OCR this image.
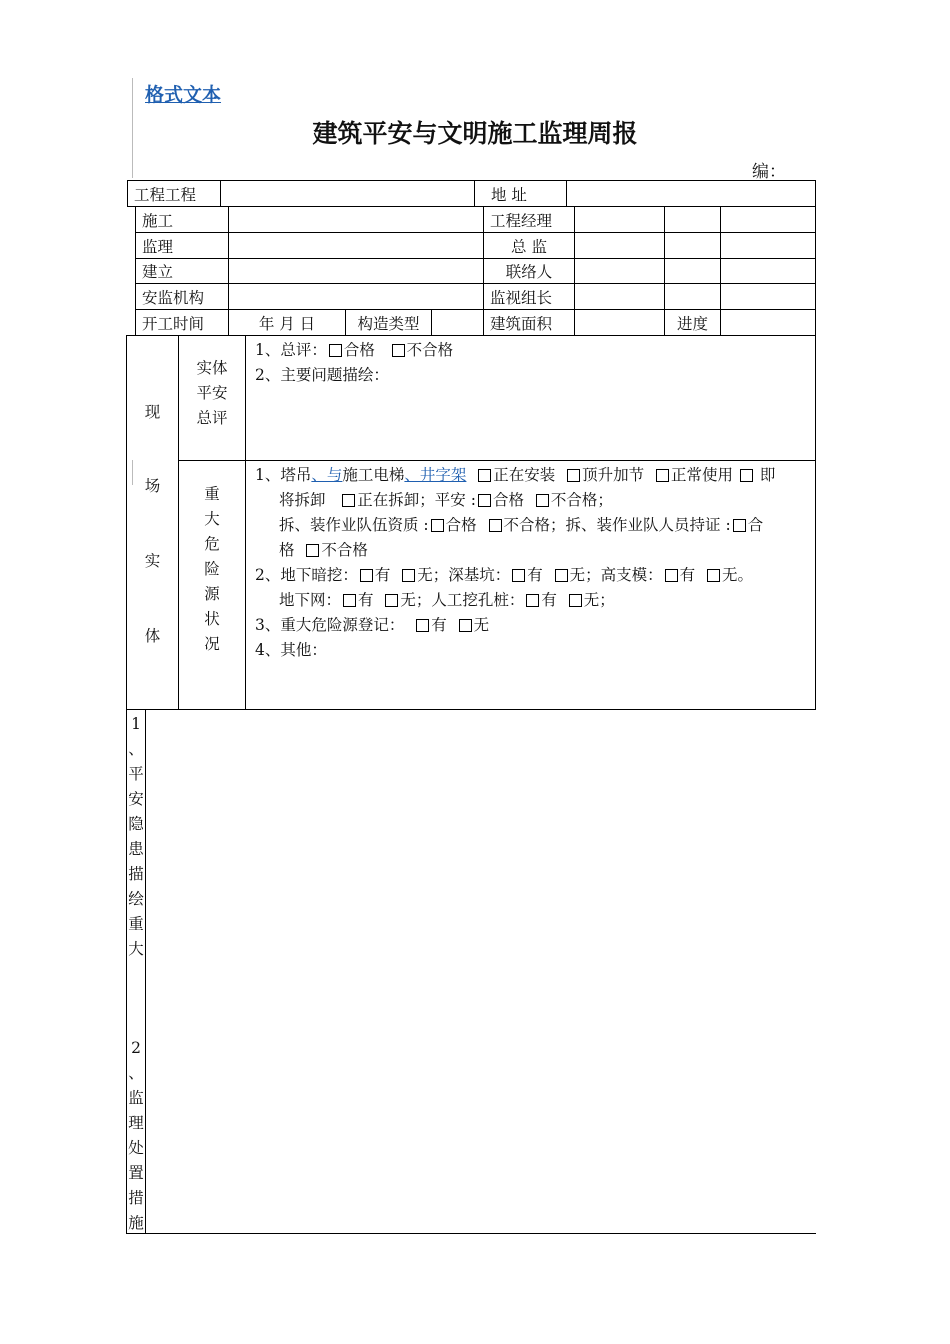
格式文本
建筑平安与文明施工监理周报
编：
工程工程	地 址
施工	工程经理
监理	总 监
建立	联络人
安监机构	监视组长
开工时间	年 月 日	构造类型	建筑面积	进度
现
场
实
体
实体
平安
总评
1、总评： 合格 不合格
2、主要问题描绘：
重
大
危
险
源
状
况
1、塔吊、与施工电梯、井字架 正在安装 顶升加节 正常使用 即
将拆卸 正在拆卸；平安 : 合格 不合格；
拆、装作业队伍资质 : 合格 不合格；拆、装作业队人员持证 : 合
格 不合格
2、地下暗挖： 有 无；深基坑： 有 无；高支模： 有 无。
地下网： 有 无；人工挖孔桩： 有 无；
3、重大危险源登记： 有 无
4、其他：
1
、
平
安
隐
患
描
绘
重
大
2
、
监
理
处
置
措
施
